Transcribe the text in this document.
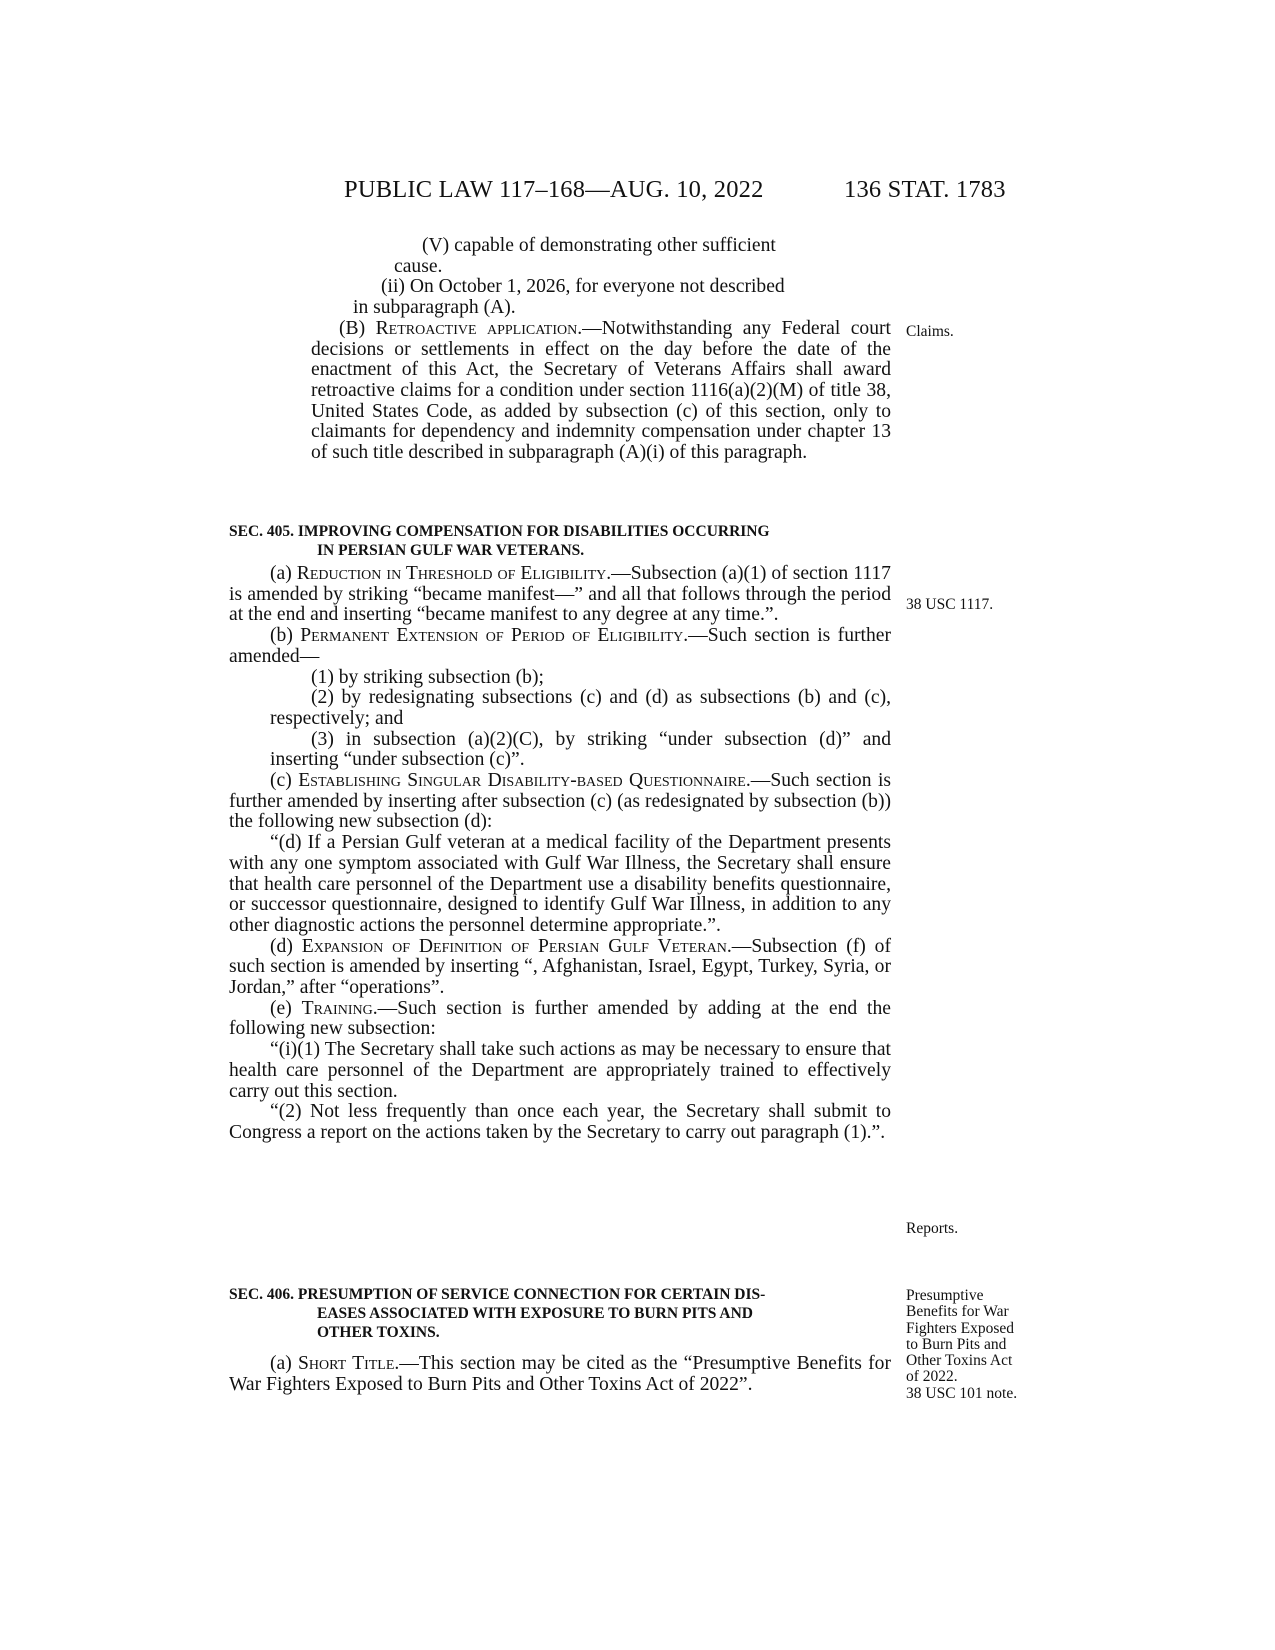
PUBLIC LAW 117–168—AUG. 10, 2022	136 STAT. 1783

(V) capable of demonstrating other sufficient

cause.

(ii) On October 1, 2026, for everyone not described

in subparagraph (A).

(B) Retroactive application.—Notwithstanding any Federal court decisions or settlements in effect on the day before the date of the enactment of this Act, the Secretary of Veterans Affairs shall award retroactive claims for a condition under section 1116(a)(2)(M) of title 38, United States Code, as added by subsection (c) of this section, only to claimants for dependency and indemnity compensation under chapter 13 of such title described in subparagraph (A)(i) of this paragraph.

SEC. 405. IMPROVING COMPENSATION FOR DISABILITIES OCCURRING
IN PERSIAN GULF WAR VETERANS.

(a) Reduction in Threshold of Eligibility.—Subsection (a)(1) of section 1117 is amended by striking “became manifest—” and all that follows through the period at the end and inserting “became manifest to any degree at any time.”.

(b) Permanent Extension of Period of Eligibility.—Such section is further amended—

(1) by striking subsection (b);

(2) by redesignating subsections (c) and (d) as subsections (b) and (c), respectively; and

(3) in subsection (a)(2)(C), by striking “under subsection (d)” and inserting “under subsection (c)”.

(c) Establishing Singular Disability-based Questionnaire.—Such section is further amended by inserting after subsection (c) (as redesignated by subsection (b)) the following new subsection (d):

“(d) If a Persian Gulf veteran at a medical facility of the Department presents with any one symptom associated with Gulf War Illness, the Secretary shall ensure that health care personnel of the Department use a disability benefits questionnaire, or successor questionnaire, designed to identify Gulf War Illness, in addition to any other diagnostic actions the personnel determine appropriate.”.

(d) Expansion of Definition of Persian Gulf Veteran.—Subsection (f) of such section is amended by inserting “, Afghanistan, Israel, Egypt, Turkey, Syria, or Jordan,” after “operations”.

(e) Training.—Such section is further amended by adding at the end the following new subsection:

“(i)(1) The Secretary shall take such actions as may be necessary to ensure that health care personnel of the Department are appropriately trained to effectively carry out this section.

“(2) Not less frequently than once each year, the Secretary shall submit to Congress a report on the actions taken by the Secretary to carry out paragraph (1).”.

SEC. 406. PRESUMPTION OF SERVICE CONNECTION FOR CERTAIN DIS-
EASES ASSOCIATED WITH EXPOSURE TO BURN PITS AND
OTHER TOXINS.

(a) Short Title.—This section may be cited as the “Presumptive Benefits for War Fighters Exposed to Burn Pits and Other Toxins Act of 2022”.

Claims.
38 USC 1117.
Reports.
Presumptive
Benefits for War
Fighters Exposed
to Burn Pits and
Other Toxins Act
of 2022.
38 USC 101 note.
